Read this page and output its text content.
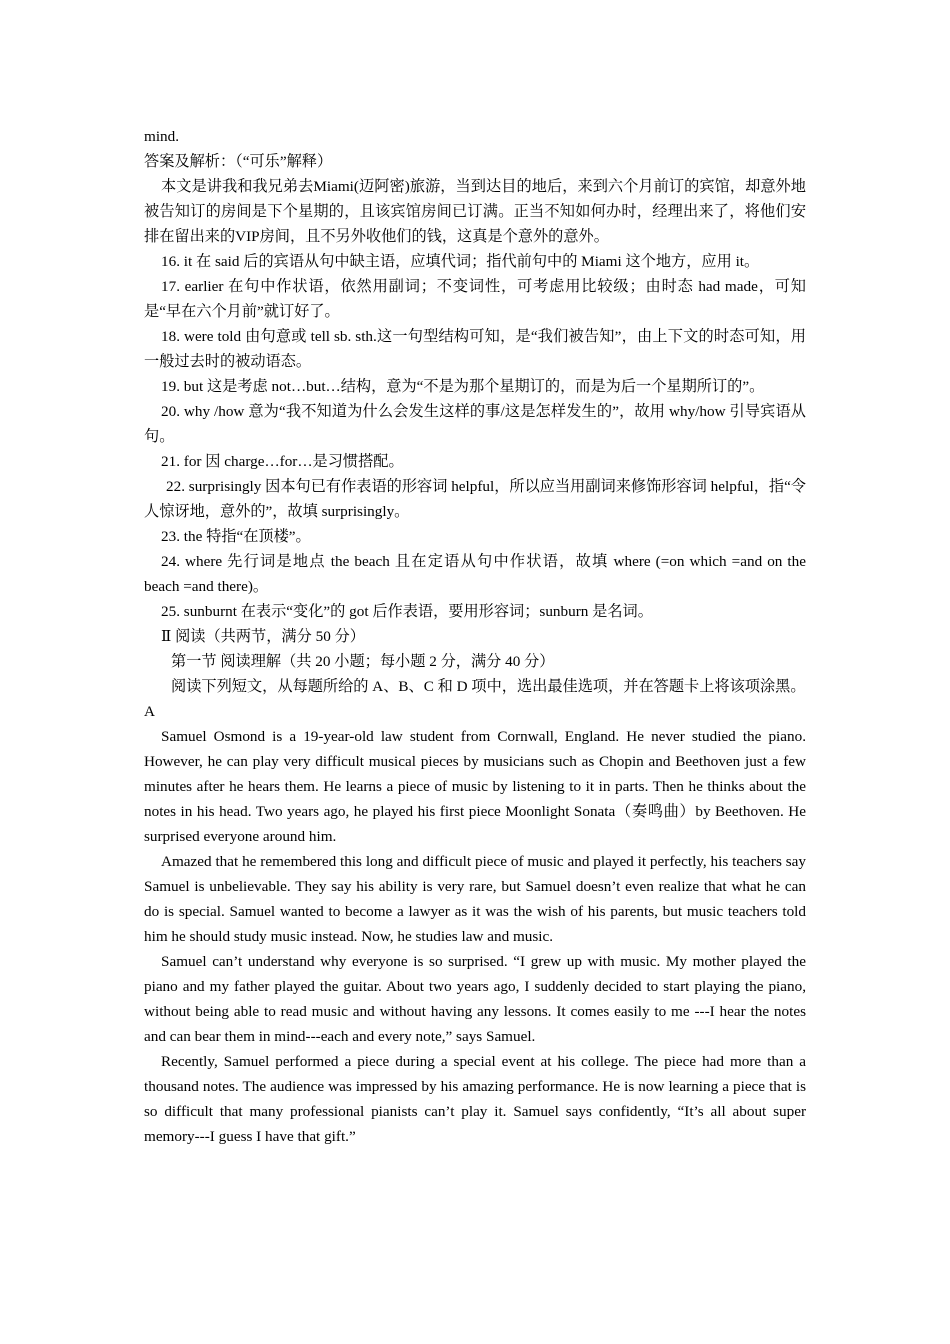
mind.

答案及解析：（“可乐”解释）

本文是讲我和我兄弟去Miami(迈阿密)旅游，当到达目的地后，来到六个月前订的宾馆，却意外地被告知订的房间是下个星期的，且该宾馆房间已订满。正当不知如何办时，经理出来了，将他们安排在留出来的VIP房间，且不另外收他们的钱，这真是个意外的意外。

16. it 在 said 后的宾语从句中缺主语，应填代词；指代前句中的 Miami 这个地方，应用 it。

17. earlier 在句中作状语，依然用副词；不变词性，可考虑用比较级；由时态 had made，可知是“早在六个月前”就订好了。

18. were told 由句意或 tell sb. sth.这一句型结构可知，是“我们被告知”，由上下文的时态可知，用一般过去时的被动语态。

19. but 这是考虑 not…but…结构，意为“不是为那个星期订的，而是为后一个星期所订的”。

20. why /how 意为“我不知道为什么会发生这样的事/这是怎样发生的”，故用 why/how 引导宾语从句。

21. for 因 charge…for…是习惯搭配。

22. surprisingly 因本句已有作表语的形容词 helpful，所以应当用副词来修饰形容词 helpful，指“令人惊讶地，意外的”，故填 surprisingly。

23. the 特指“在顶楼”。

24. where 先行词是地点 the beach 且在定语从句中作状语，故填 where (=on which =and on the beach =and there)。

25. sunburnt 在表示“变化”的 got 后作表语，要用形容词；sunburn 是名词。

Ⅱ 阅读（共两节，满分 50 分）

第一节 阅读理解（共 20 小题；每小题 2 分，满分 40 分）

阅读下列短文，从每题所给的 A、B、C 和 D 项中，选出最佳选项，并在答题卡上将该项涂黑。

A

Samuel Osmond is a 19-year-old law student from Cornwall, England. He never studied the piano. However, he can play very difficult musical pieces by musicians such as Chopin and Beethoven just a few minutes after he hears them. He learns a piece of music by listening to it in parts. Then he thinks about the notes in his head. Two years ago, he played his first piece Moonlight Sonata（奏鸣曲）by Beethoven. He surprised everyone around him.

Amazed that he remembered this long and difficult piece of music and played it perfectly, his teachers say Samuel is unbelievable. They say his ability is very rare, but Samuel doesn’t even realize that what he can do is special. Samuel wanted to become a lawyer as it was the wish of his parents, but music teachers told him he should study music instead. Now, he studies law and music.

Samuel can’t understand why everyone is so surprised. “I grew up with music. My mother played the piano and my father played the guitar. About two years ago, I suddenly decided to start playing the piano, without being able to read music and without having any lessons. It comes easily to me ---I hear the notes and can bear them in mind---each and every note,” says Samuel.

Recently, Samuel performed a piece during a special event at his college. The piece had more than a thousand notes. The audience was impressed by his amazing performance. He is now learning a piece that is so difficult that many professional pianists can’t play it. Samuel says confidently, “It’s all about super memory---I guess I have that gift.”
